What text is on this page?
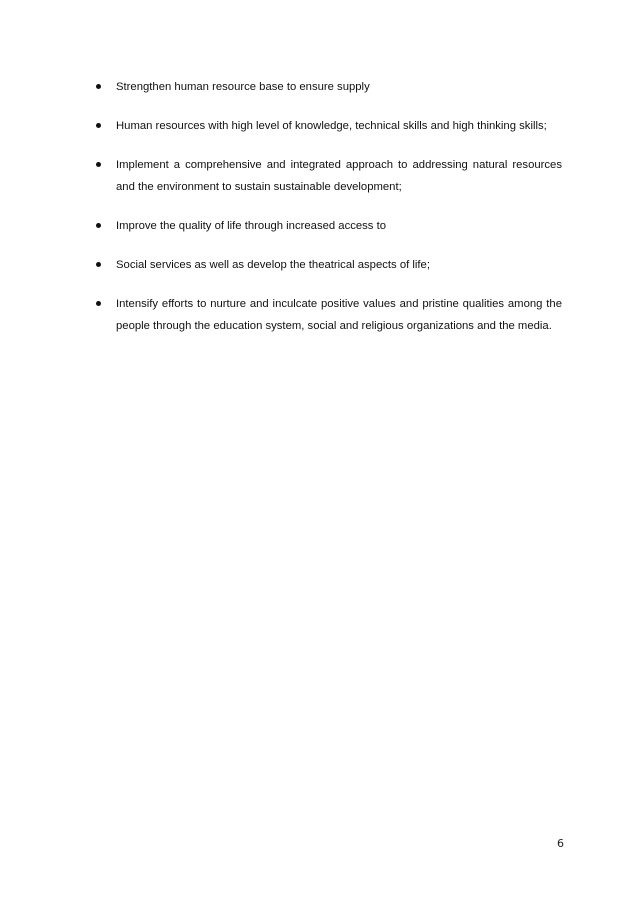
Strengthen human resource base to ensure supply
Human resources with high level of knowledge, technical skills and high thinking skills;
Implement a comprehensive and integrated approach to addressing natural resources and the environment to sustain sustainable development;
Improve the quality of life through increased access to
Social services as well as develop the theatrical aspects of life;
Intensify efforts to nurture and inculcate positive values and pristine qualities among the people through the education system, social and religious organizations and the media.
6
